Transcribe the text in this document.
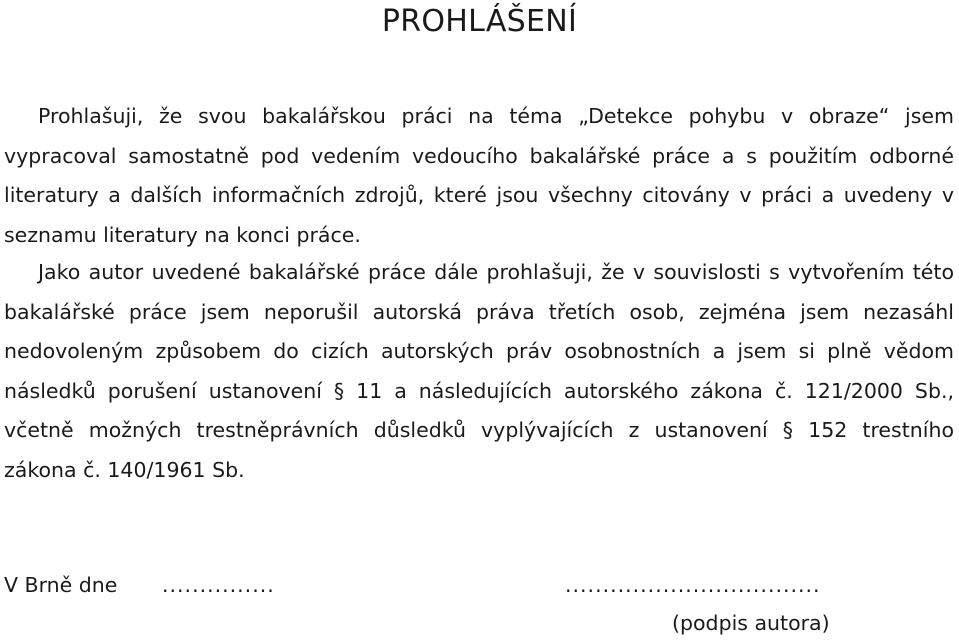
PROHLÁŠENÍ

Prohlašuji, že svou bakalářskou práci na téma „Detekce pohybu v obraze“ jsem vypracoval samostatně pod vedením vedoucího bakalářské práce a s použitím odborné literatury a dalších informačních zdrojů, které jsou všechny citovány v práci a uvedeny v seznamu literatury na konci práce.

Jako autor uvedené bakalářské práce dále prohlašuji, že v souvislosti s vytvořením této bakalářské práce jsem neporušil autorská práva třetích osob, zejména jsem nezasáhl nedovoleným způsobem do cizích autorských práv osobnostních a jsem si plně vědom následků porušení ustanovení § 11 a následujících autorského zákona č. 121/2000 Sb., včetně možných trestněprávních důsledků vyplývajících z ustanovení § 152 trestního zákona č. 140/1961 Sb.

V Brně dne ...............	..................................
(podpis autora)
